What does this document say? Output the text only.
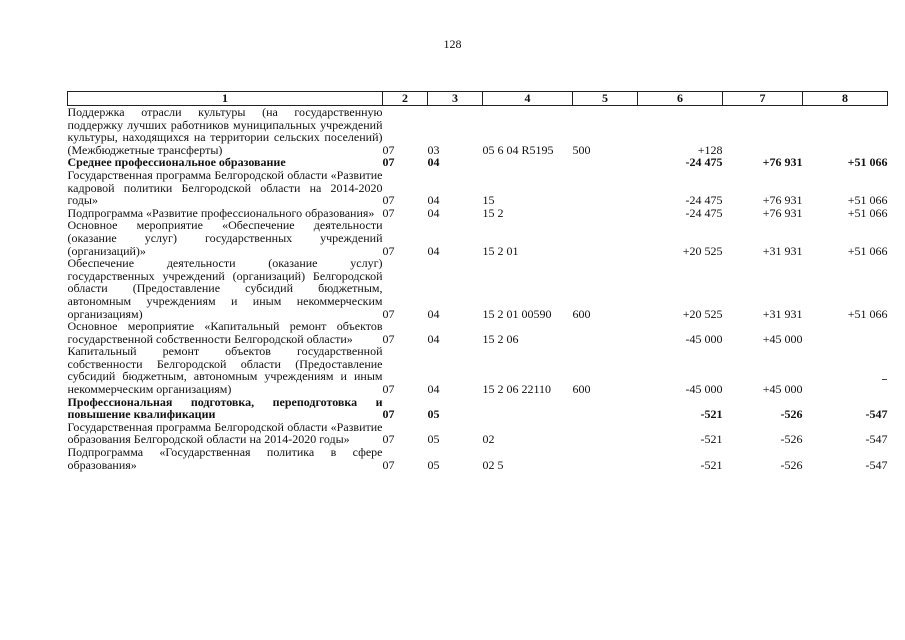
128
1	2	3	4	5	6	7	8
Поддержка отрасли культуры (на государственную поддержку лучших работников муниципальных учреждений культуры, находящихся на территории сельских поселений) (Межбюджетные трансферты)	07	03	05 6 04 R5195	500	+128		
Среднее профессиональное образование	07	04			-24 475	+76 931	+51 066
Государственная программа Белгородской области «Развитие кадровой политики Белгородской области на 2014-2020 годы»	07	04	15		-24 475	+76 931	+51 066
Подпрограмма «Развитие профессионального образования»	07	04	15 2		-24 475	+76 931	+51 066
Основное мероприятие «Обеспечение деятельности (оказание услуг) государственных учреждений (организаций)»	07	04	15 2 01		+20 525	+31 931	+51 066
Обеспечение деятельности (оказание услуг) государственных учреждений (организаций) Белгородской области (Предоставление субсидий бюджетным, автономным учреждениям и иным некоммерческим организациям)	07	04	15 2 01 00590	600	+20 525	+31 931	+51 066
Основное мероприятие «Капитальный ремонт объектов государственной собственности Белгородской области»	07	04	15 2 06		-45 000	+45 000	
Капитальный ремонт объектов государственной собственности Белгородской области (Предоставление субсидий бюджетным, автономным учреждениям и иным некоммерческим организациям)	07	04	15 2 06 22110	600	-45 000	+45 000	
Профессиональная подготовка, переподготовка и повышение квалификации	07	05			-521	-526	-547
Государственная программа Белгородской области «Развитие образования Белгородской области на 2014-2020 годы»	07	05	02		-521	-526	-547
Подпрограмма «Государственная политика в сфере образования»	07	05	02 5		-521	-526	-547
